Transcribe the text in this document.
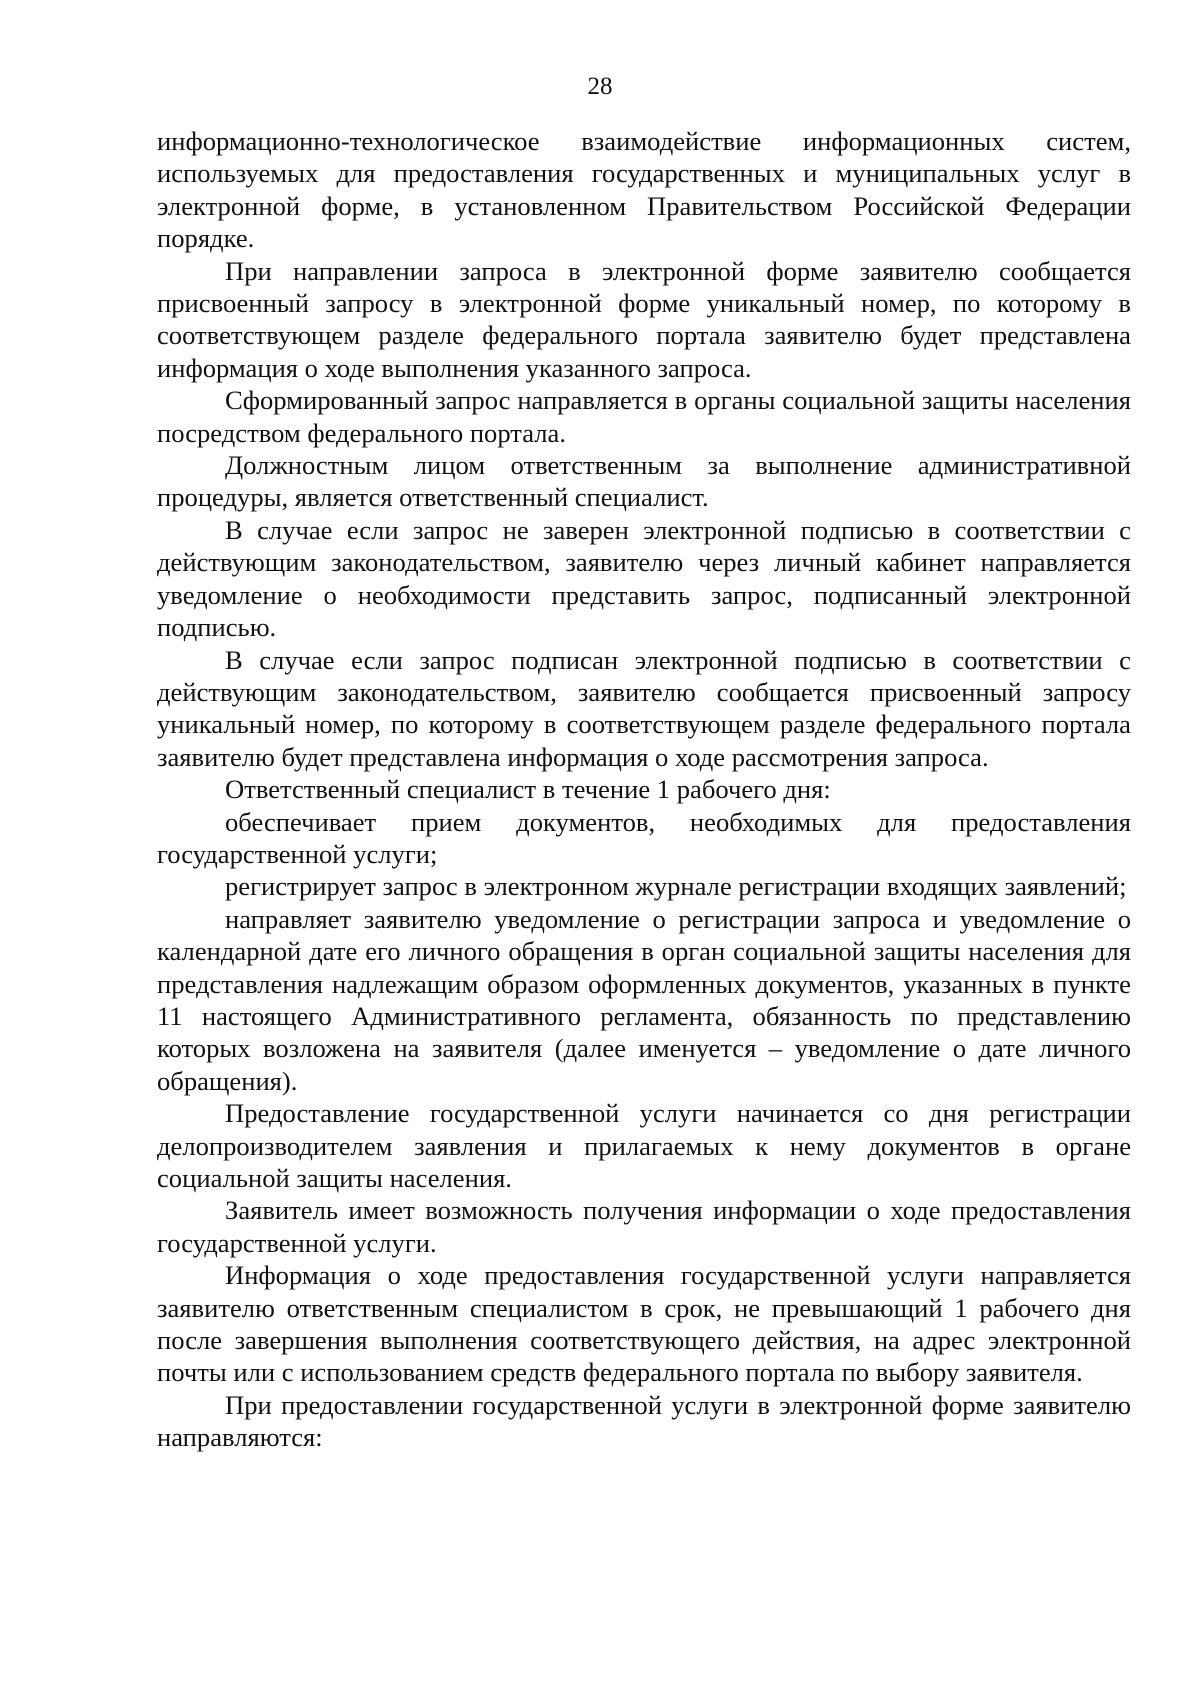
28

информационно-технологическое взаимодействие информационных систем, используемых для предоставления государственных и муниципальных услуг в электронной форме, в установленном Правительством Российской Федерации порядке.

При направлении запроса в электронной форме заявителю сообщается присвоенный запросу в электронной форме уникальный номер, по которому в соответствующем разделе федерального портала заявителю будет представлена информация о ходе выполнения указанного запроса.

Сформированный запрос направляется в органы социальной защиты населения посредством федерального портала.

Должностным лицом ответственным за выполнение административной процедуры, является ответственный специалист.

В случае если запрос не заверен электронной подписью в соответствии с действующим законодательством, заявителю через личный кабинет направляется уведомление о необходимости представить запрос, подписанный электронной подписью.

В случае если запрос подписан электронной подписью в соответствии с действующим законодательством, заявителю сообщается присвоенный запросу уникальный номер, по которому в соответствующем разделе федерального портала заявителю будет представлена информация о ходе рассмотрения запроса.

Ответственный специалист в течение 1 рабочего дня:

обеспечивает прием документов, необходимых для предоставления государственной услуги;

регистрирует запрос в электронном журнале регистрации входящих заявлений;

направляет заявителю уведомление о регистрации запроса и уведомление о календарной дате его личного обращения в орган социальной защиты населения для представления надлежащим образом оформленных документов, указанных в пункте 11 настоящего Административного регламента, обязанность по представлению которых возложена на заявителя (далее именуется – уведомление о дате личного обращения).

Предоставление государственной услуги начинается со дня регистрации делопроизводителем заявления и прилагаемых к нему документов в органе социальной защиты населения.

Заявитель имеет возможность получения информации о ходе предоставления государственной услуги.

Информация о ходе предоставления государственной услуги направляется заявителю ответственным специалистом в срок, не превышающий 1 рабочего дня после завершения выполнения соответствующего действия, на адрес электронной почты или с использованием средств федерального портала по выбору заявителя.

При предоставлении государственной услуги в электронной форме заявителю направляются:
